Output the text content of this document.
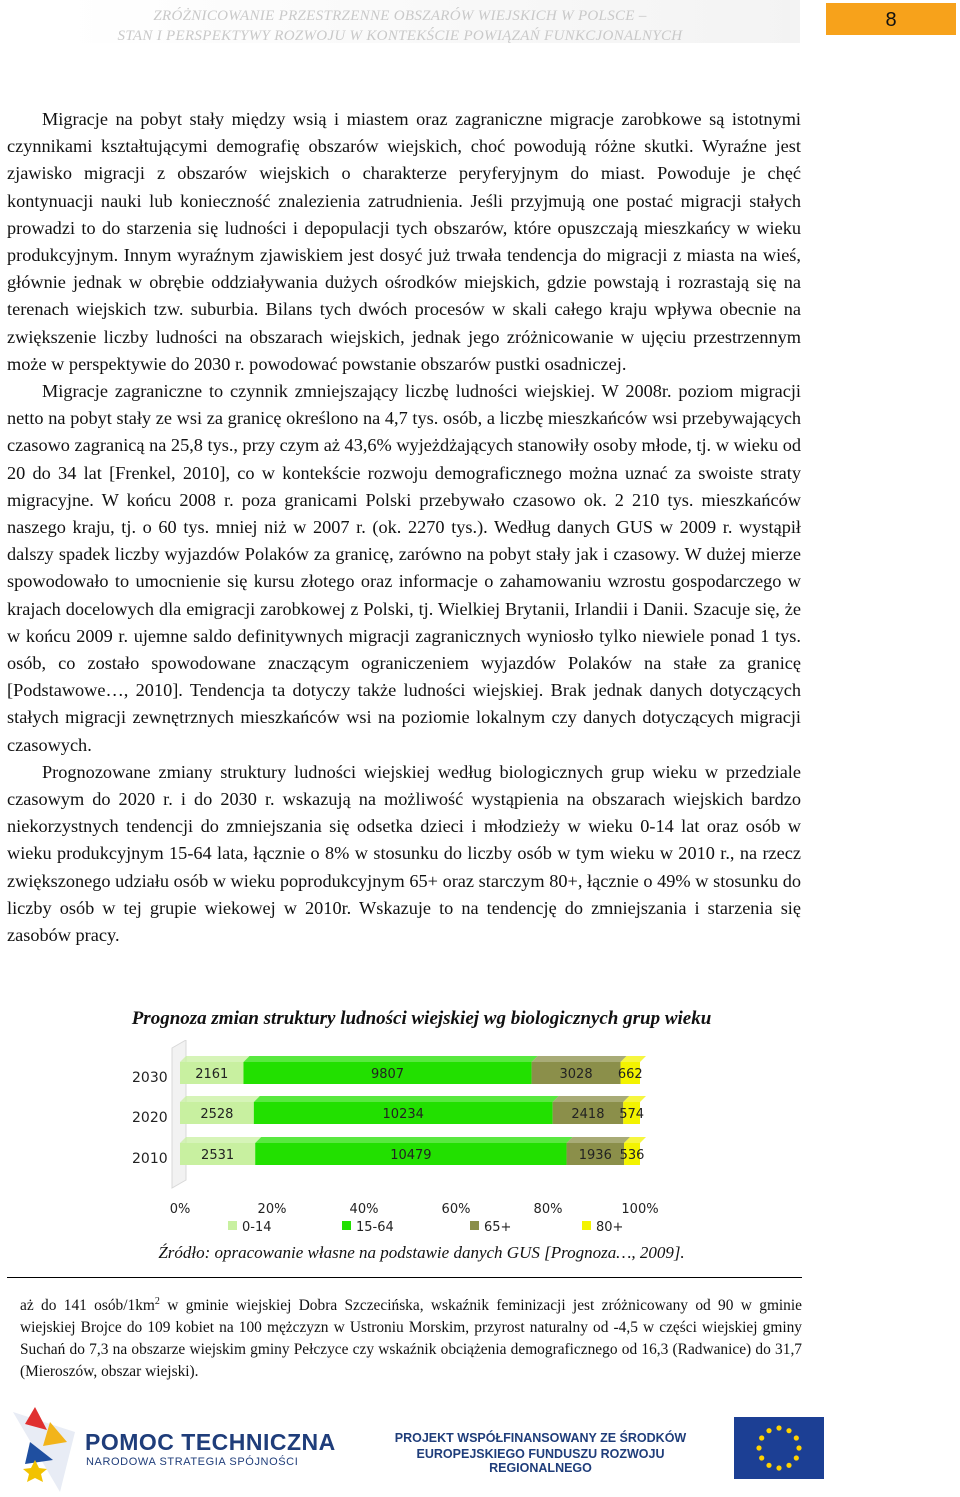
ZRÓŻNICOWANIE PRZESTRZENNE OBSZARÓW WIEJSKICH W POLSCE –
STAN I PERSPEKTYWY ROZWOJU W KONTEKŚCIE POWIĄZAŃ FUNKCJONALNYCH
8

Migracje na pobyt stały między wsią i miastem oraz zagraniczne migracje zarobkowe są istotnymi czynnikami kształtującymi demografię obszarów wiejskich, choć powodują różne skutki. Wyraźne jest zjawisko migracji z obszarów wiejskich o charakterze peryferyjnym do miast. Powoduje je chęć kontynuacji nauki lub konieczność znalezienia zatrudnienia. Jeśli przyjmują one postać migracji stałych prowadzi to do starzenia się ludności i depopulacji tych obszarów, które opuszczają mieszkańcy w wieku produkcyjnym. Innym wyraźnym zjawiskiem jest dosyć już trwała tendencja do migracji z miasta na wieś, głównie jednak w obrębie oddziaływania dużych ośrodków miejskich, gdzie powstają i rozrastają się na terenach wiejskich tzw. suburbia. Bilans tych dwóch procesów w skali całego kraju wpływa obecnie na zwiększenie liczby ludności na obszarach wiejskich, jednak jego zróżnicowanie w ujęciu przestrzennym może w perspektywie do 2030 r. powodować powstanie obszarów pustki osadniczej.

Migracje zagraniczne to czynnik zmniejszający liczbę ludności wiejskiej. W 2008r. poziom migracji netto na pobyt stały ze wsi za granicę określono na 4,7 tys. osób, a liczbę mieszkańców wsi przebywających czasowo zagranicą na 25,8 tys., przy czym aż 43,6% wyjeżdżających stanowiły osoby młode, tj. w wieku od 20 do 34 lat [Frenkel, 2010], co w kontekście rozwoju demograficznego można uznać za swoiste straty migracyjne. W końcu 2008 r. poza granicami Polski przebywało czasowo ok. 2 210 tys. mieszkańców naszego kraju, tj. o 60 tys. mniej niż w 2007 r. (ok. 2270 tys.). Według danych GUS w 2009 r. wystąpił dalszy spadek liczby wyjazdów Polaków za granicę, zarówno na pobyt stały jak i czasowy. W dużej mierze spowodowało to umocnienie się kursu złotego oraz informacje o zahamowaniu wzrostu gospodarczego w krajach docelowych dla emigracji zarobkowej z Polski, tj. Wielkiej Brytanii, Irlandii i Danii. Szacuje się, że w końcu 2009 r. ujemne saldo definitywnych migracji zagranicznych wyniosło tylko niewiele ponad 1 tys. osób, co zostało spowodowane znaczącym ograniczeniem wyjazdów Polaków na stałe za granicę [Podstawowe…, 2010]. Tendencja ta dotyczy także ludności wiejskiej. Brak jednak danych dotyczących stałych migracji zewnętrznych mieszkańców wsi na poziomie lokalnym czy danych dotyczących migracji czasowych.

Prognozowane zmiany struktury ludności wiejskiej według biologicznych grup wieku w przedziale czasowym do 2020 r. i do 2030 r. wskazują na możliwość wystąpienia na obszarach wiejskich bardzo niekorzystnych tendencji do zmniejszania się odsetka dzieci i młodzieży w wieku 0-14 lat oraz osób w wieku produkcyjnym 15-64 lata, łącznie o 8% w stosunku do liczby osób w tym wieku w 2010 r., na rzecz zwiększonego udziału osób w wieku poprodukcyjnym 65+ oraz starczym 80+, łącznie o 49% w stosunku do liczby osób w tej grupie wiekowej w 2010r. Wskazuje to na tendencję do zmniejszania i starzenia się zasobów pracy.

Prognoza zmian struktury ludności wiejskiej wg biologicznych grup wieku
2030 2161	9807	3028 662
2020	2528	10234	2418 574
2010	2531	10479	1936 536
0%	20%	40%	60%	80%	100%
0-14	15-64	65+	80+
Źródło: opracowanie własne na podstawie danych GUS [Prognoza…, 2009].

aż do 141 osób/$1km^2$ w gminie wiejskiej Dobra Szczecińska, wskaźnik feminizacji jest zróżnicowany od 90 w gminie wiejskiej Brojce do 109 kobiet na 100 mężczyzn w Ustroniu Morskim, przyrost naturalny od -4,5 w części wiejskiej gminy Suchań do 7,3 na obszarze wiejskim gminy Pełczyce czy wskaźnik obciążenia demograficznego od 16,3 (Radwanice) do 31,7 (Mieroszów, obszar wiejski).

POMOC TECHNICZNA
NARODOWA STRATEGIA SPÓJNOŚCI
PROJEKT WSPÓŁFINANSOWANY ZE ŚRODKÓW
EUROPEJSKIEGO FUNDUSZU ROZWOJU REGIONALNEGO
